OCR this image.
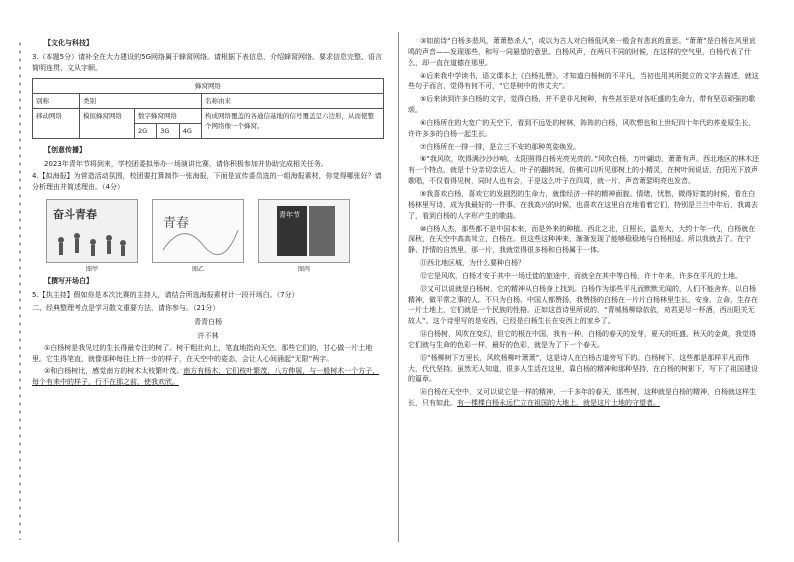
【文化与科技】
3.（本题5分）请补全在大力建设的5G网络属于蜂窝网络。请根据下表信息，介绍蜂窝网络。要求信息完整、语言简明连贯、文从字顺。
蜂窝网络
别称	类别	名称由来
移动网络	模拟蜂窝网络	数字蜂窝网络	构成网络覆盖的各通信基地的信号覆盖呈六边形，从而使整个网络像一个蜂窝。

2G	3G	4G
【创意传播】
2023年青年节将到来，学校团委拟举办一场演讲比赛，请你积极参加并协助完成相关任务。
4.【拟海报】为营造活动氛围，校团要打算制作一张海报，下面是宣传委员选的一组海报素材，你觉得哪张好？请分析理由并简述理由。（4分）
奋斗青春
青春
青年节
图甲	图乙	图丙
【撰写开场白】
5.【执主持】假如你是本次比赛的主持人，请结合所选海报素材计一段开场白。（7分）
二、经典整理考点是学习散文重要方法，请你参与。（21分）
青青白杨
许不林
①白杨树是我见过的生长得最专注的树了。树干粗壮向上，笔直地指向天空。那些它们的，甘心做一片土地里。它生得笔直，就像那种每往上挤一步的样子，在天空中的姿态，会让人心间涌起“无限”两字。
②和白杨树比，感觉南方的树木太枝繁叶茂。南方有杨木，它们枝叶繁茂，八方伸展，与一般树木一个方子，每个有来中的样子，行不在那之前，使我欢欣。
③如前诗“白杨多悲风，萧萧愁杀人”，或以为古人对白杨低风来一般含有悲哀的意思。“萧萧”是白杨在风里哀鸣的声音——发现那些，和写一同悬望的意思。白杨风声，在两只不同的时候，在这样的空气里，白杨代表了什么，却一直在道德在那里。
④后来我中学读书，语文课本上《白杨礼赞》，才知道白杨树的不平凡，当初也用其所挺立的文字去描述，就这些句子而言，觉得有何不可，“它是树中的伟丈夫”。
⑤后来读到许多白杨的文字，觉得白杨，并不是非凡树种，有些甚至是对各旺盛的生命力，带有坚忍顽强的歌颂。
⑥白杨所在的大宽广的天空下，看到不远处的树林，阵阵的白杨，风吹想也和上世纪四十年代的荞麦原生长，许许多多的白杨一起生长。
⑦白杨所在一排一排，是立三不安的那种英姿焕发。
⑧“我风吹，吹得满沙沙沙响，太阳照得白杨光亮光亮的。”风吹白杨，万叶翩动，萧萧有声。西北地区的林木还有一个特点，就是十分亲切亲近人，叶子的翻转间，仿佛可以听见那树上的小精灵，在树叶间说话，在阳光下放声歌唱，不仅看得见树，同时人也有会，于是这么叶子在四周，就一片，声音萧瑟明亮也发音。
⑨我喜欢白杨，喜欢它的发剧烈的生命力，就像经济一样的精神面貌。情绪，忧愁，微得好寞的时候，看在白杨林里写诗，成为我最好的一件事。在我高兴的时候，也喜欢在这里自在地看着它们，特别是兰兰中年后，我离去了，看到白杨的人字形产生的歌曲。
⑩白杨人杰，那些都不是中国本来，而是外来的种植。西北之北，日照长，温差大，大约十年一代，白杨就在深秋，在天空中高高耸立，白杨在。但这些这种神来，渐渐发现了能够稳稳地与白杨相适。所以我就去了。在宁静、抒情的自然里，那一片，我就觉得很多杨和白杨属于一体。
⑪西北地区城，为什么要种白杨？
⑫它是风吹，白杨才安于其中一场迁徙的旅途中，而就全在其中等白杨，许十年来，许多在平凡的土地。
⑬又可以说就是白杨树，它的精神从白杨身上找到。白杨作为那些平凡而默默无闻的，人们不能舍弃，以白杨精神，做平常之事的人。不只为白杨、中国人都赞扬，我赞扬的白杨在一片片白杨林里生长，安身，立命，生存在一片土地上，它们就是一个民族的性格。正如这首诗里所说的，“青城杨柳绿依依，劝君更尽一杯酒，西出阳关无故人”。这个诗里写的是安西，已经是白杨生长在安西上的家乡了。
⑭白杨树，风吹在变幻，但它的根在中国，我有一种，白杨的春天的发芽，夏天的旺盛，秋天的金黄，我觉得它们就与生命的色彩一样，最好的色彩，就是为了下一个春天。
⑮“杨柳树下万里长，风吹杨柳叶萧萧”，这是诗人在白杨古道旁写下的。白杨树下，这些都是那样平凡而伟大，代代坚持。虽然无人知道，很多人生活在这里，靠白杨的精神和那种坚持，在白杨的树影下，写下了祖国建设的篇章。
⑯白杨在天空中，又可以说它是一样的精神，一千多年的春天，那些树，这种就是白杨的精神，白杨就这样生长，只有如此。有一棵棵白杨永远伫立在祖国的大地上，就是这片土地的守望者。
